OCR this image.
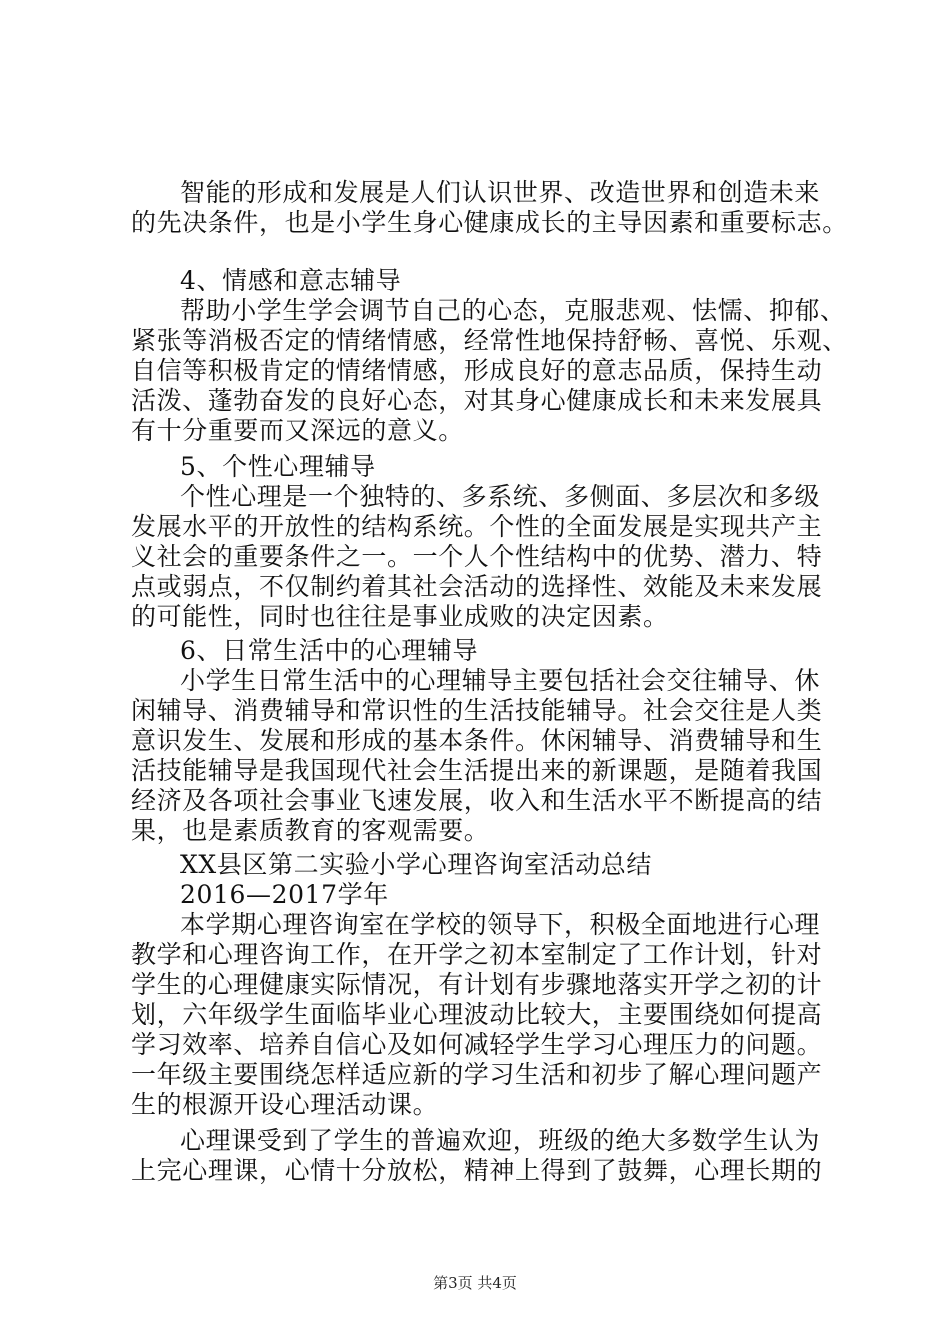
智能的形成和发展是人们认识世界、改造世界和创造未来
的先决条件，也是小学生身心健康成长的主导因素和重要标志。
4、情感和意志辅导
帮助小学生学会调节自己的心态，克服悲观、怯懦、抑郁、
紧张等消极否定的情绪情感，经常性地保持舒畅、喜悦、乐观、
自信等积极肯定的情绪情感，形成良好的意志品质，保持生动
活泼、蓬勃奋发的良好心态，对其身心健康成长和未来发展具
有十分重要而又深远的意义。
5、个性心理辅导
个性心理是一个独特的、多系统、多侧面、多层次和多级
发展水平的开放性的结构系统。个性的全面发展是实现共产主
义社会的重要条件之一。一个人个性结构中的优势、潜力、特
点或弱点，不仅制约着其社会活动的选择性、效能及未来发展
的可能性，同时也往往是事业成败的决定因素。
6、日常生活中的心理辅导
小学生日常生活中的心理辅导主要包括社会交往辅导、休
闲辅导、消费辅导和常识性的生活技能辅导。社会交往是人类
意识发生、发展和形成的基本条件。休闲辅导、消费辅导和生
活技能辅导是我国现代社会生活提出来的新课题，是随着我国
经济及各项社会事业飞速发展，收入和生活水平不断提高的结
果，也是素质教育的客观需要。
XX县区第二实验小学心理咨询室活动总结
2016—2017学年
本学期心理咨询室在学校的领导下，积极全面地进行心理
教学和心理咨询工作，在开学之初本室制定了工作计划，针对
学生的心理健康实际情况，有计划有步骤地落实开学之初的计
划，六年级学生面临毕业心理波动比较大，主要围绕如何提高
学习效率、培养自信心及如何减轻学生学习心理压力的问题。
一年级主要围绕怎样适应新的学习生活和初步了解心理问题产
生的根源开设心理活动课。
心理课受到了学生的普遍欢迎，班级的绝大多数学生认为
上完心理课，心情十分放松，精神上得到了鼓舞，心理长期的
第3页 共4页
